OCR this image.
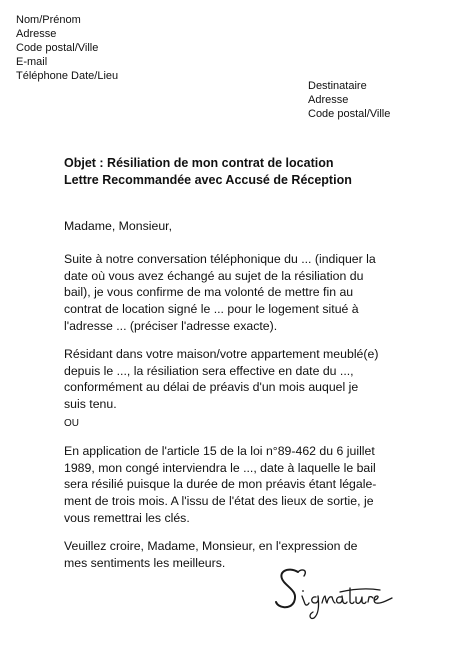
Nom/Prénom
Adresse
Code postal/Ville
E-mail
Téléphone Date/Lieu
Destinataire
Adresse
Code postal/Ville
Objet : Résiliation de mon contrat de location
Lettre Recommandée avec Accusé de Réception
Madame, Monsieur,
Suite à notre conversation téléphonique du ... (indiquer la
date où vous avez échangé au sujet de la résiliation du
bail), je vous confirme de ma volonté de mettre fin au
contrat de location signé le ... pour le logement situé à
l'adresse ... (préciser l'adresse exacte).
Résidant dans votre maison/votre appartement meublé(e)
depuis le ..., la résiliation sera effective en date du ...,
conformément au délai de préavis d'un mois auquel je
suis tenu.
OU
En application de l'article 15 de la loi n°89-462 du 6 juillet
1989, mon congé interviendra le ..., date à laquelle le bail
sera résilié puisque la durée de mon préavis étant légale-
ment de trois mois. A l'issu de l'état des lieux de sortie, je
vous remettrai les clés.
Veuillez croire, Madame, Monsieur, en l'expression de
mes sentiments les meilleurs.
